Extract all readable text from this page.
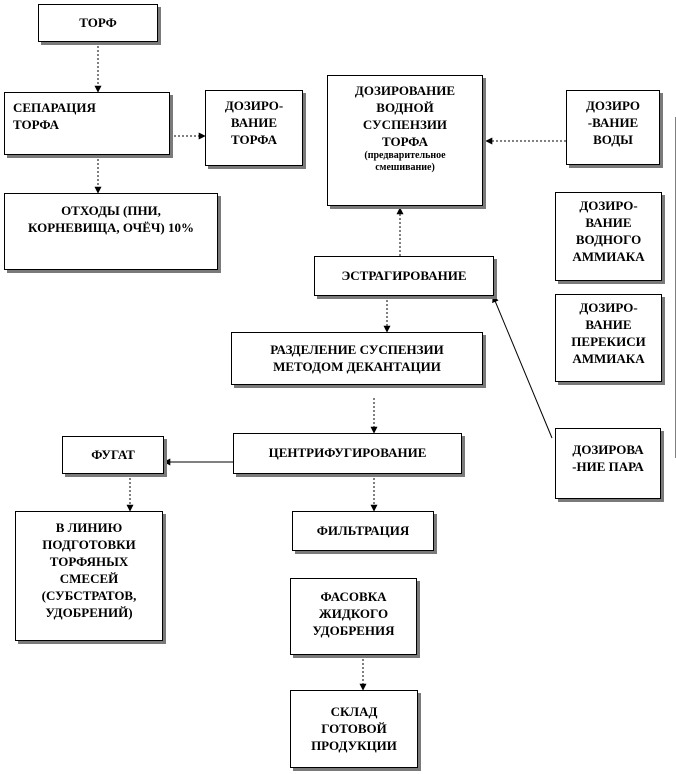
ТОРФ
СЕПАРАЦИЯ
ТОРФА
ОТХОДЫ (ПНИ,
КОРНЕВИЩА, ОЧЁЧ) 10%
ДОЗИРО-
ВАНИЕ
ТОРФА
ДОЗИРОВАНИЕ
ВОДНОЙ
СУСПЕНЗИИ
ТОРФА
(предварительное
смешивание)
ДОЗИРО
-ВАНИЕ
ВОДЫ
ДОЗИРО-
ВАНИЕ
ВОДНОГО
АММИАКА
ДОЗИРО-
ВАНИЕ
ПЕРЕКИСИ
АММИАКА
ЭСТРАГИРОВАНИЕ
РАЗДЕЛЕНИЕ СУСПЕНЗИИ
МЕТОДОМ ДЕКАНТАЦИИ
ЦЕНТРИФУГИРОВАНИЕ
ФУГАТ
В ЛИНИЮ
ПОДГОТОВКИ
ТОРФЯНЫХ
СМЕСЕЙ
(СУБСТРАТОВ,
УДОБРЕНИЙ)
ДОЗИРОВА
-НИЕ ПАРА
ФИЛЬТРАЦИЯ
ФАСОВКА
ЖИДКОГО
УДОБРЕНИЯ
СКЛАД
ГОТОВОЙ
ПРОДУКЦИИ
